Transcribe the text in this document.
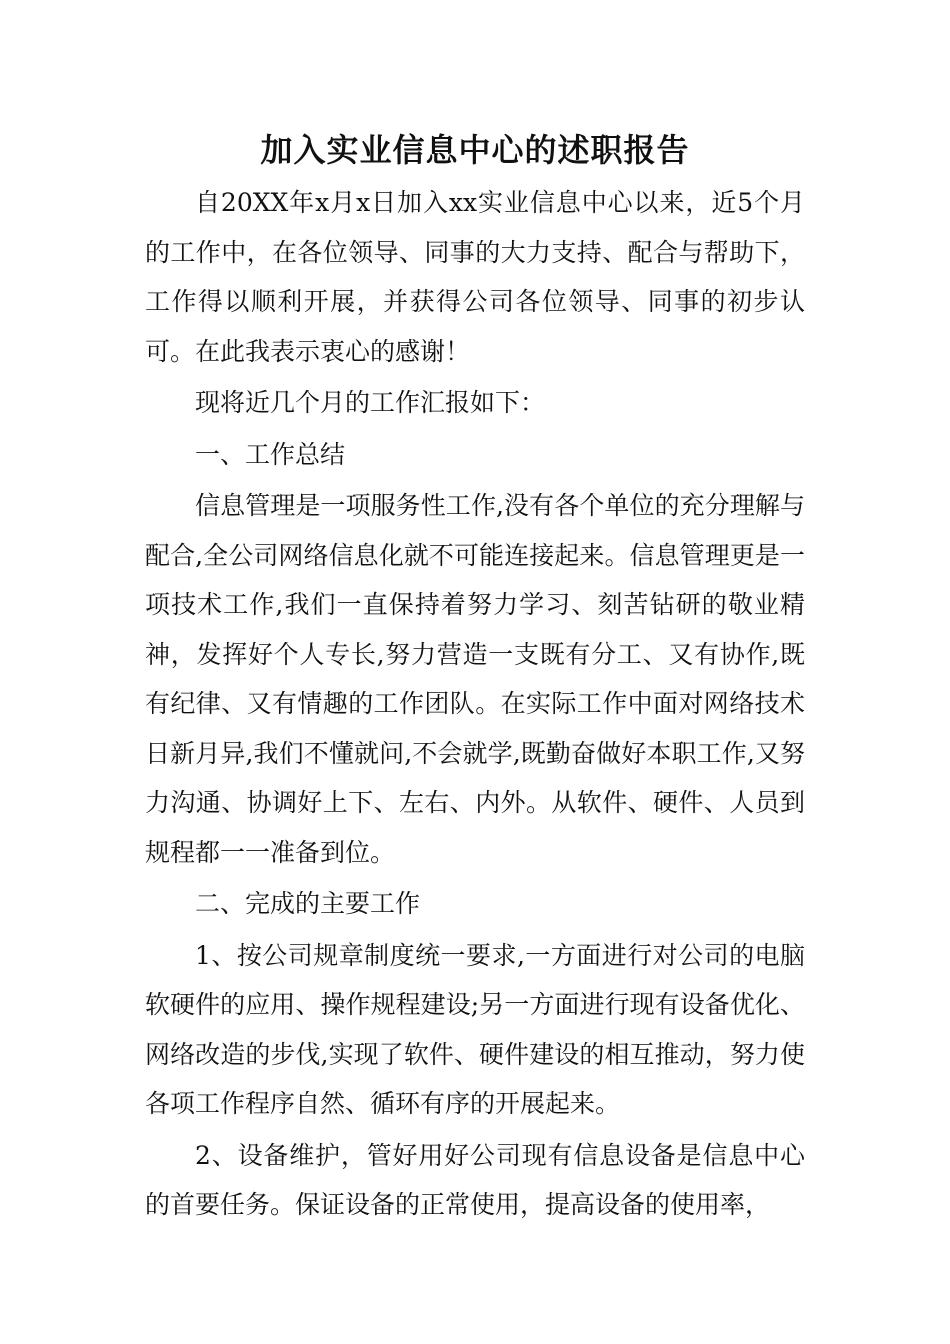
加入实业信息中心的述职报告

自20XX年x月x日加入xx实业信息中心以来，近5个月的工作中，在各位领导、同事的大力支持、配合与帮助下，工作得以顺利开展，并获得公司各位领导、同事的初步认可。在此我表示衷心的感谢！

现将近几个月的工作汇报如下：

一、工作总结

信息管理是一项服务性工作,没有各个单位的充分理解与配合,全公司网络信息化就不可能连接起来。信息管理更是一项技术工作,我们一直保持着努力学习、刻苦钻研的敬业精神，发挥好个人专长,努力营造一支既有分工、又有协作,既有纪律、又有情趣的工作团队。在实际工作中面对网络技术日新月异,我们不懂就问,不会就学,既勤奋做好本职工作,又努力沟通、协调好上下、左右、内外。从软件、硬件、人员到规程都一一准备到位。

二、完成的主要工作

1、按公司规章制度统一要求,一方面进行对公司的电脑软硬件的应用、操作规程建设;另一方面进行现有设备优化、网络改造的步伐,实现了软件、硬件建设的相互推动，努力使各项工作程序自然、循环有序的开展起来。

2、设备维护，管好用好公司现有信息设备是信息中心的首要任务。保证设备的正常使用，提高设备的使用率，
